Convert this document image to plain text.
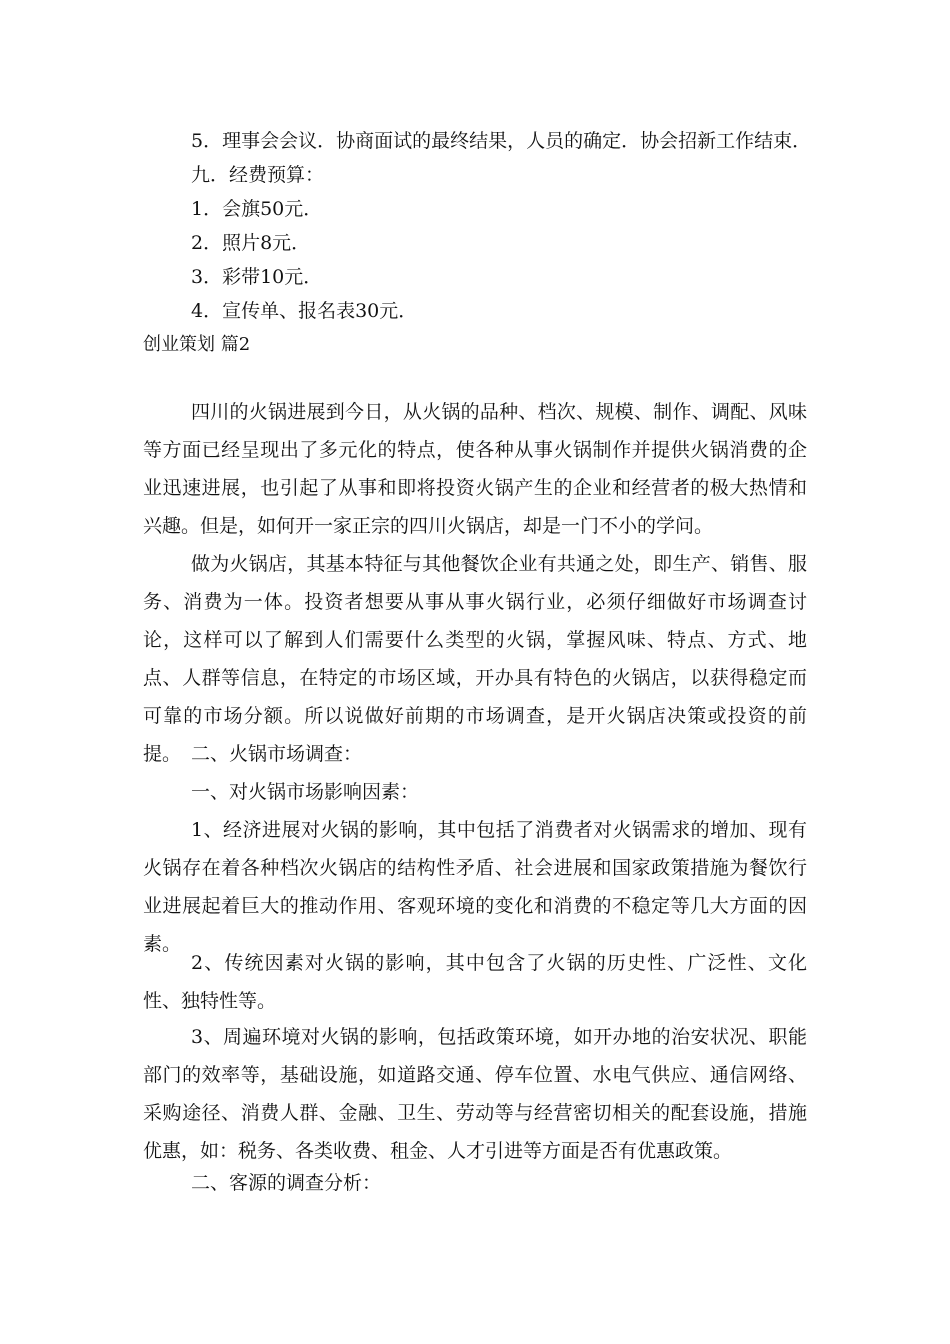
5．理事会会议．协商面试的最终结果，人员的确定．协会招新工作结束．

九．经费预算：

1．会旗50元．

2．照片8元．

3．彩带10元．

4．宣传单、报名表30元．

创业策划 篇2

四川的火锅进展到今日，从火锅的品种、档次、规模、制作、调配、风味等方面已经呈现出了多元化的特点，使各种从事火锅制作并提供火锅消费的企业迅速进展，也引起了从事和即将投资火锅产生的企业和经营者的极大热情和兴趣。但是，如何开一家正宗的四川火锅店，却是一门不小的学问。

做为火锅店，其基本特征与其他餐饮企业有共通之处，即生产、销售、服务、消费为一体。投资者想要从事从事火锅行业，必须仔细做好市场调查讨论，这样可以了解到人们需要什么类型的火锅，掌握风味、特点、方式、地点、人群等信息，在特定的市场区域，开办具有特色的火锅店，以获得稳定而可靠的市场分额。所以说做好前期的市场调查，是开火锅店决策或投资的前提。 二、火锅市场调查：

一、对火锅市场影响因素：

1、经济进展对火锅的影响，其中包括了消费者对火锅需求的增加、现有火锅存在着各种档次火锅店的结构性矛盾、社会进展和国家政策措施为餐饮行业进展起着巨大的推动作用、客观环境的变化和消费的不稳定等几大方面的因素。

2、传统因素对火锅的影响，其中包含了火锅的历史性、广泛性、文化性、独特性等。

3、周遍环境对火锅的影响，包括政策环境，如开办地的治安状况、职能部门的效率等，基础设施，如道路交通、停车位置、水电气供应、通信网络、采购途径、消费人群、金融、卫生、劳动等与经营密切相关的配套设施，措施优惠，如：税务、各类收费、租金、人才引进等方面是否有优惠政策。

二、客源的调查分析：
